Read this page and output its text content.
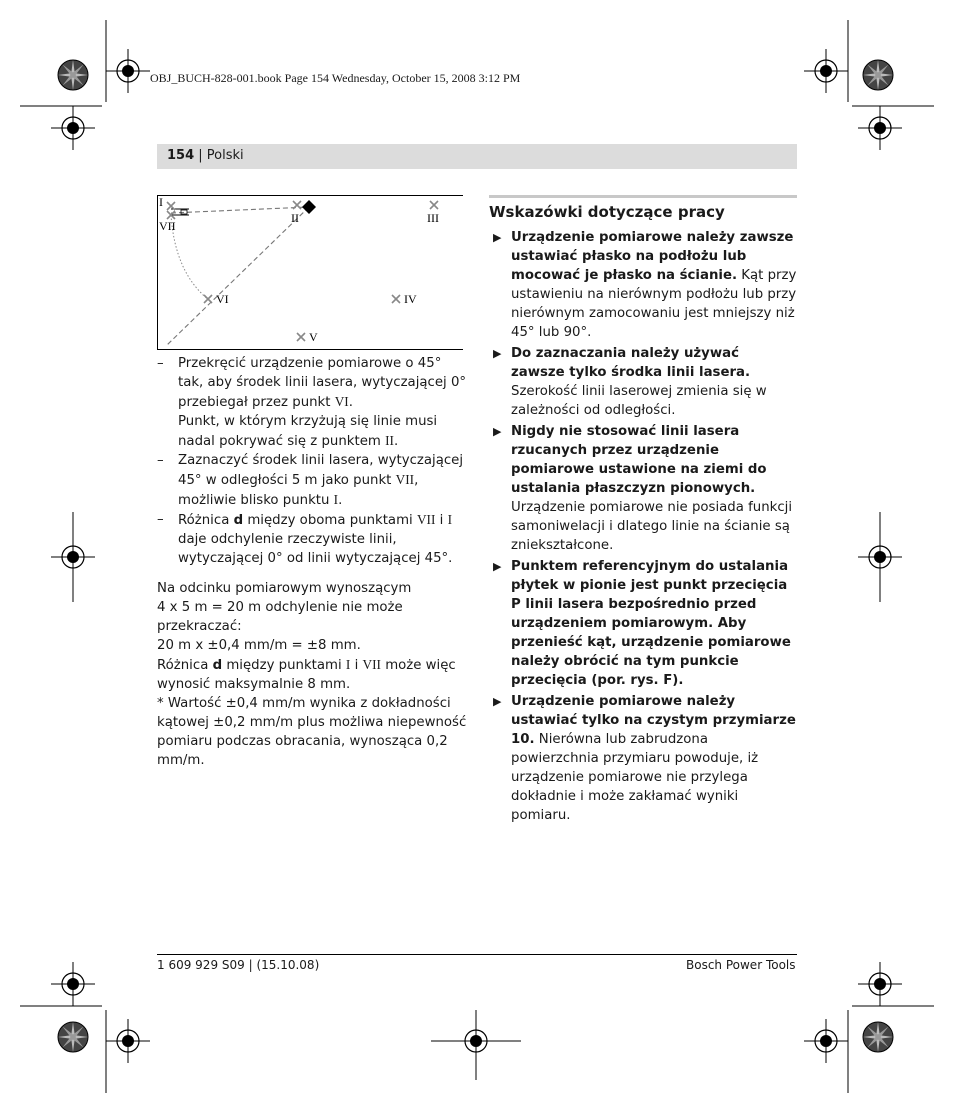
OBJ_BUCH-828-001.book Page 154 Wednesday, October 15, 2008 3:12 PM
154 | Polski
I
VII
II	III
IV
V
VI
– Przekręcić urządzenie pomiarowe o 45° tak, aby środek linii lasera, wytyczającej 0° przebiegał przez punkt VI.
Punkt, w którym krzyżują się linie musi nadal pokrywać się z punktem II.
– Zaznaczyć środek linii lasera, wytyczającej 45° w odległości 5 m jako punkt VII, możliwie blisko punktu I.
– Różnica d między oboma punktami VII i I daje odchylenie rzeczywiste linii, wytyczającej 0° od linii wytyczającej 45°.
Na odcinku pomiarowym wynoszącym
4 x 5 m = 20 m odchylenie nie może przekraczać:
20 m x ±0,4 mm/m = ±8 mm.
Różnica d między punktami I i VII może więc wynosić maksymalnie 8 mm.
* Wartość ±0,4 mm/m wynika z dokładności kątowej ±0,2 mm/m plus możliwa niepewność pomiaru podczas obracania, wynosząca 0,2 mm/m.
Wskazówki dotyczące pracy
▶ Urządzenie pomiarowe należy zawsze ustawiać płasko na podłożu lub mocować je płasko na ścianie. Kąt przy ustawieniu na nierównym podłożu lub przy nierównym zamocowaniu jest mniejszy niż 45° lub 90°.
▶ Do zaznaczania należy używać zawsze tylko środka linii lasera. Szerokość linii laserowej zmienia się w zależności od odległości.
▶ Nigdy nie stosować linii lasera rzucanych przez urządzenie pomiarowe ustawione na ziemi do ustalania płaszczyzn pionowych. Urządzenie pomiarowe nie posiada funkcji samoniwelacji i dlatego linie na ścianie są zniekształcone.
▶ Punktem referencyjnym do ustalania płytek w pionie jest punkt przecięcia P linii lasera bezpośrednio przed urządzeniem pomiarowym. Aby przenieść kąt, urządzenie pomiarowe należy obrócić na tym punkcie przecięcia (por. rys. F).
▶ Urządzenie pomiarowe należy ustawiać tylko na czystym przymiarze 10. Nierówna lub zabrudzona powierzchnia przymiaru powoduje, iż urządzenie pomiarowe nie przylega dokładnie i może zakłamać wyniki pomiaru.
1 609 929 S09 | (15.10.08)	Bosch Power Tools
